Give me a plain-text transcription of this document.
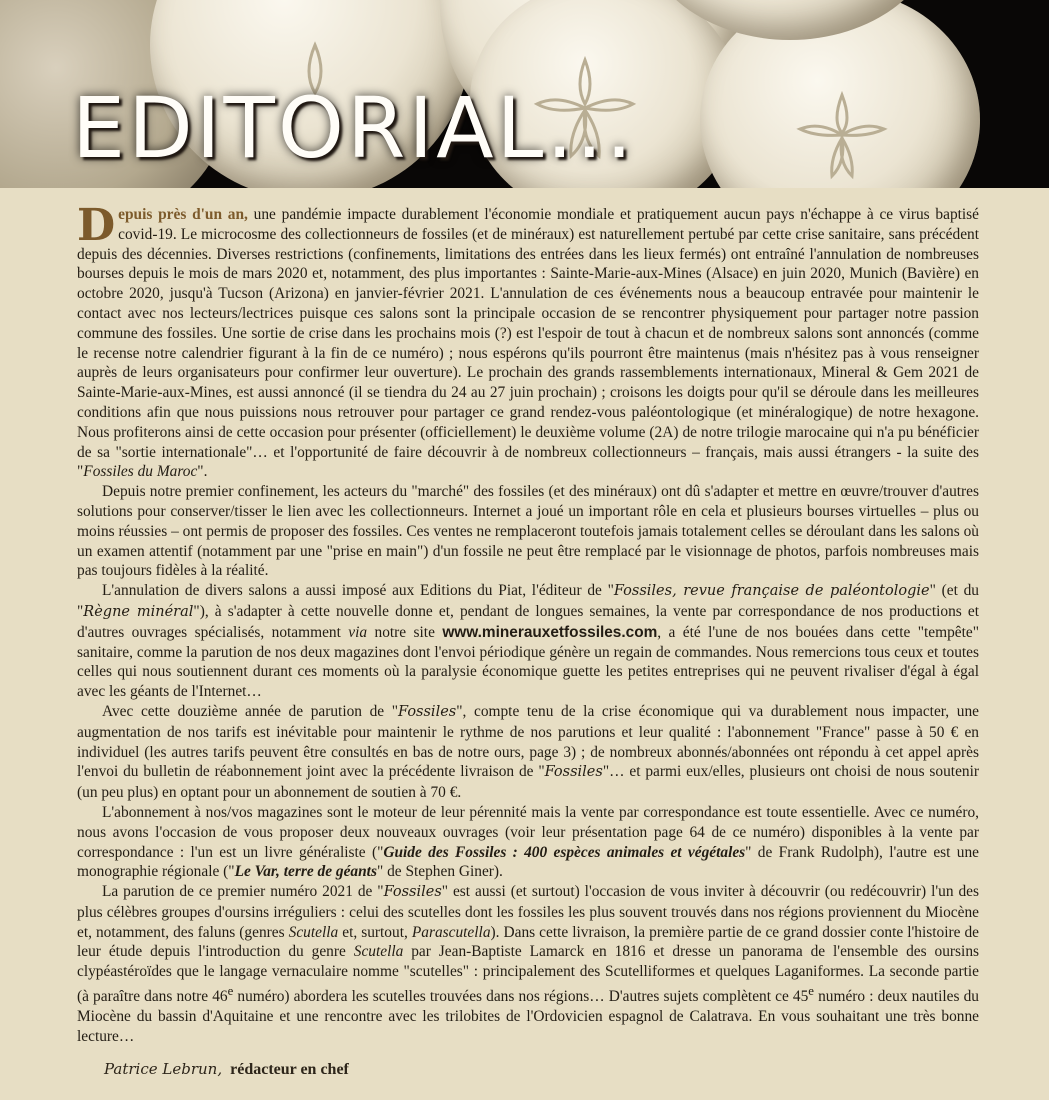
EDITORIAL...

Depuis près d'un an, une pandémie impacte durablement l'économie mondiale et pratiquement aucun pays n'échappe à ce virus baptisé covid-19. Le microcosme des collectionneurs de fossiles (et de minéraux) est naturellement pertubé par cette crise sanitaire, sans précédent depuis des décennies. Diverses restrictions (confinements, limitations des entrées dans les lieux fermés) ont entraîné l'annulation de nombreuses bourses depuis le mois de mars 2020 et, notamment, des plus importantes : Sainte-Marie-aux-Mines (Alsace) en juin 2020, Munich (Bavière) en octobre 2020, jusqu'à Tucson (Arizona) en janvier-février 2021. L'annulation de ces événements nous a beaucoup entravée pour maintenir le contact avec nos lecteurs/lectrices puisque ces salons sont la principale occasion de se rencontrer physiquement pour partager notre passion commune des fossiles. Une sortie de crise dans les prochains mois (?) est l'espoir de tout à chacun et de nombreux salons sont annoncés (comme le recense notre calendrier figurant à la fin de ce numéro) ; nous espérons qu'ils pourront être maintenus (mais n'hésitez pas à vous renseigner auprès de leurs organisateurs pour confirmer leur ouverture). Le prochain des grands rassemblements internationaux, Mineral & Gem 2021 de Sainte-Marie-aux-Mines, est aussi annoncé (il se tiendra du 24 au 27 juin prochain) ; croisons les doigts pour qu'il se déroule dans les meilleures conditions afin que nous puissions nous retrouver pour partager ce grand rendez-vous paléontologique (et minéralogique) de notre hexagone. Nous profiterons ainsi de cette occasion pour présenter (officiellement) le deuxième volume (2A) de notre trilogie marocaine qui n'a pu bénéficier de sa "sortie internationale"… et l'opportunité de faire découvrir à de nombreux collectionneurs – français, mais aussi étrangers - la suite des "Fossiles du Maroc".

Depuis notre premier confinement, les acteurs du "marché" des fossiles (et des minéraux) ont dû s'adapter et mettre en œuvre/trouver d'autres solutions pour conserver/tisser le lien avec les collectionneurs. Internet a joué un important rôle en cela et plusieurs bourses virtuelles – plus ou moins réussies – ont permis de proposer des fossiles. Ces ventes ne remplaceront toutefois jamais totalement celles se déroulant dans les salons où un examen attentif (notamment par une "prise en main") d'un fossile ne peut être remplacé par le visionnage de photos, parfois nombreuses mais pas toujours fidèles à la réalité.

L'annulation de divers salons a aussi imposé aux Editions du Piat, l'éditeur de "Fossiles, revue française de paléontologie" (et du "Règne minéral"), à s'adapter à cette nouvelle donne et, pendant de longues semaines, la vente par correspondance de nos productions et d'autres ouvrages spécialisés, notamment via notre site www.minerauxetfossiles.com, a été l'une de nos bouées dans cette "tempête" sanitaire, comme la parution de nos deux magazines dont l'envoi périodique génère un regain de commandes. Nous remercions tous ceux et toutes celles qui nous soutiennent durant ces moments où la paralysie économique guette les petites entreprises qui ne peuvent rivaliser d'égal à égal avec les géants de l'Internet…

Avec cette douzième année de parution de "Fossiles", compte tenu de la crise économique qui va durablement nous impacter, une augmentation de nos tarifs est inévitable pour maintenir le rythme de nos parutions et leur qualité : l'abonnement "France" passe à 50 € en individuel (les autres tarifs peuvent être consultés en bas de notre ours, page 3) ; de nombreux abonnés/abonnées ont répondu à cet appel après l'envoi du bulletin de réabonnement joint avec la précédente livraison de "Fossiles"… et parmi eux/elles, plusieurs ont choisi de nous soutenir (un peu plus) en optant pour un abonnement de soutien à 70 €.

L'abonnement à nos/vos magazines sont le moteur de leur pérennité mais la vente par correspondance est toute essentielle. Avec ce numéro, nous avons l'occasion de vous proposer deux nouveaux ouvrages (voir leur présentation page 64 de ce numéro) disponibles à la vente par correspondance : l'un est un livre généraliste ("Guide des Fossiles : 400 espèces animales et végétales" de Frank Rudolph), l'autre est une monographie régionale ("Le Var, terre de géants" de Stephen Giner).

La parution de ce premier numéro 2021 de "Fossiles" est aussi (et surtout) l'occasion de vous inviter à découvrir (ou redécouvrir) l'un des plus célèbres groupes d'oursins irréguliers : celui des scutelles dont les fossiles les plus souvent trouvés dans nos régions proviennent du Miocène et, notamment, des faluns (genres Scutella et, surtout, Parascutella). Dans cette livraison, la première partie de ce grand dossier conte l'histoire de leur étude depuis l'introduction du genre Scutella par Jean-Baptiste Lamarck en 1816 et dresse un panorama de l'ensemble des oursins clypéastéroïdes que le langage vernaculaire nomme "scutelles" : principalement des Scutelliformes et quelques Laganiformes. La seconde partie (à paraître dans notre 46e numéro) abordera les scutelles trouvées dans nos régions… D'autres sujets complètent ce 45e numéro : deux nautiles du Miocène du bassin d'Aquitaine et une rencontre avec les trilobites de l'Ordovicien espagnol de Calatrava. En vous souhaitant une très bonne lecture…

Patrice Lebrun, rédacteur en chef
